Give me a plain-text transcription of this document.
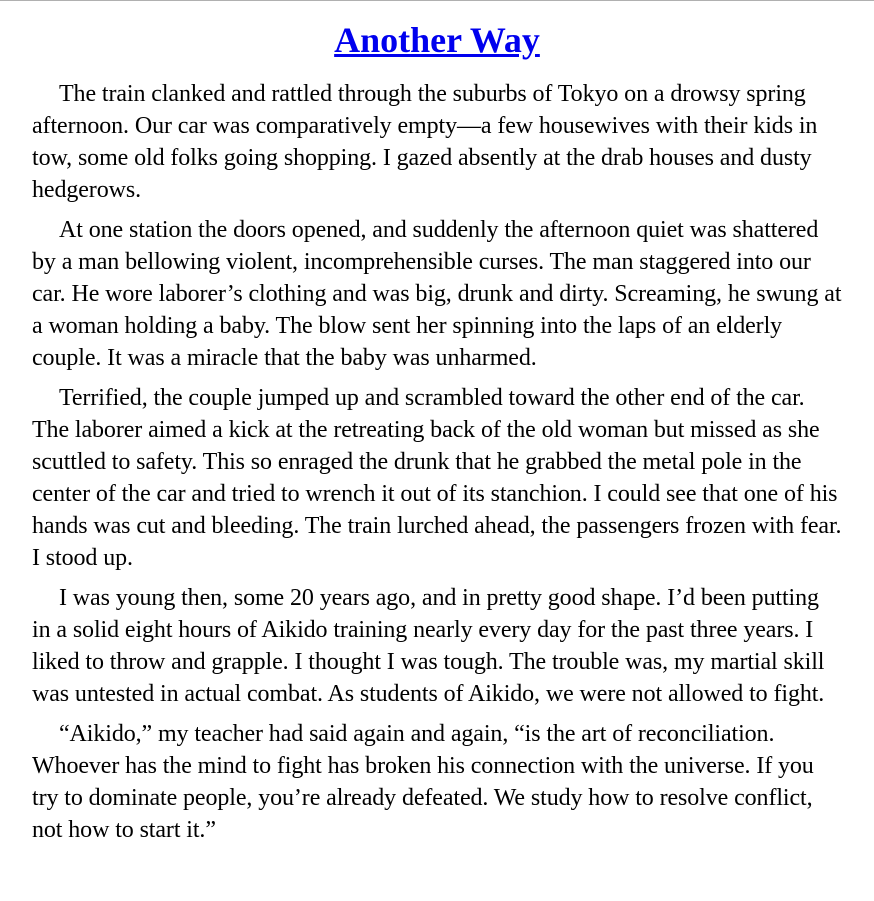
Another Way

The train clanked and rattled through the suburbs of Tokyo on a drowsy spring afternoon. Our car was comparatively empty—a few housewives with their kids in tow, some old folks going shopping. I gazed absently at the drab houses and dusty hedgerows.

At one station the doors opened, and suddenly the afternoon quiet was shattered by a man bellowing violent, incomprehensible curses. The man staggered into our car. He wore laborer’s clothing and was big, drunk and dirty. Screaming, he swung at a woman holding a baby. The blow sent her spinning into the laps of an elderly couple. It was a miracle that the baby was unharmed.

Terrified, the couple jumped up and scrambled toward the other end of the car. The laborer aimed a kick at the retreating back of the old woman but missed as she scuttled to safety. This so enraged the drunk that he grabbed the metal pole in the center of the car and tried to wrench it out of its stanchion. I could see that one of his hands was cut and bleeding. The train lurched ahead, the passengers frozen with fear. I stood up.

I was young then, some 20 years ago, and in pretty good shape. I’d been putting in a solid eight hours of Aikido training nearly every day for the past three years. I liked to throw and grapple. I thought I was tough. The trouble was, my martial skill was untested in actual combat. As students of Aikido, we were not allowed to fight.

“Aikido,” my teacher had said again and again, “is the art of reconciliation. Whoever has the mind to fight has broken his connection with the universe. If you try to dominate people, you’re already defeated. We study how to resolve conflict, not how to start it.”
